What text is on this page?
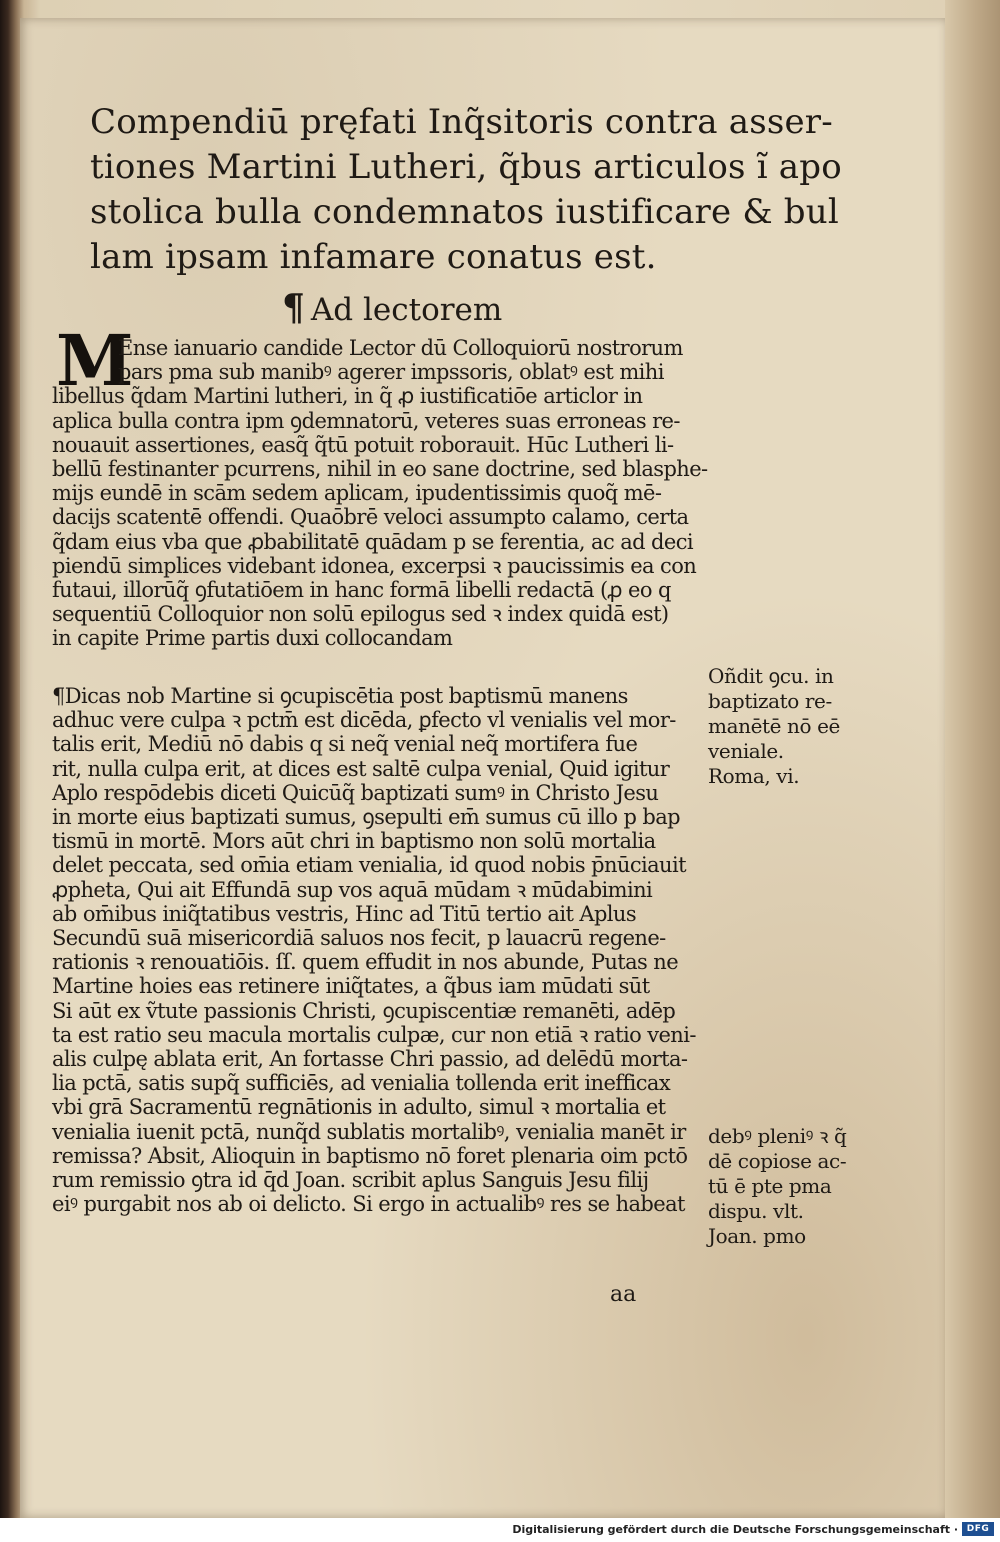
Compendiū pręfati Inq̃sitoris contra asser-
tiones Martini Lutheri, q̃bus articulos ĩ apo
stolica bulla condemnatos iustificare & bul
lam ipsam infamare conatus est.
¶ Ad lectorem
M
Ense ianuario candide Lector dū Colloquiorū nostrorum
pars pma sub manibꝰ agerer impssoris, oblatꝰ est mihi
libellus q̃dam Martini lutheri, in q̃ ꝓ iustificatiōe articlor in
aplica bulla contra ipm ꝯdemnatorū, veteres suas erroneas re-
nouauit assertiones, easq̃ q̃tū potuit roborauit. Hūc Lutheri li-
bellū festinanter pcurrens, nihil in eo sane doctrine, sed blasphe-
mijs eundē in scām sedem aplicam, ipudentissimis quoq̃ mē-
dacijs scatentē offendi. Quaōbrē veloci assumpto calamo, certa
q̃dam eius vba que ꝓbabilitatē quādam p se ferentia, ac ad deci
piendū simplices videbant idonea, excerpsi ꝛ paucissimis ea con
futaui, illorūq̃ ꝯfutatiōem in hanc formā libelli redactā (ꝓ eo q
sequentiū Colloquior non solū epilogus sed ꝛ index quidā est)
in capite Prime partis duxi collocandam
¶Dicas nob Martine si ꝯcupiscētia post baptismū manens
adhuc vere culpa ꝛ pctm̄ est dicēda, ꝑfecto vl venialis vel mor-
talis erit, Mediū nō dabis q si neq̃ venial neq̃ mortifera fue
rit, nulla culpa erit, at dices est saltē culpa venial, Quid igitur
Aplo respōdebis diceti Quicūq̃ baptizati sumꝰ in Christo Jesu
in morte eius baptizati sumus, ꝯsepulti em̄ sumus cū illo p bap
tismū in mortē. Mors aūt chri in baptismo non solū mortalia
delet peccata, sed om̄ia etiam venialia, id quod nobis p̄nūciauit
ꝓpheta, Qui ait Effundā sup vos aquā mūdam ꝛ mūdabimini
ab om̄ibus iniq̃tatibus vestris, Hinc ad Titū tertio ait Aplus
Secundū suā misericordiā saluos nos fecit, p lauacrū regene-
rationis ꝛ renouatiōis. ſſ. quem effudit in nos abunde, Putas ne
Martine hoies eas retinere iniq̃tates, a q̃bus iam mūdati sūt
Si aūt ex ṽtute passionis Christi, ꝯcupiscentiæ remanēti, adēp
ta est ratio seu macula mortalis culpæ, cur non etiā ꝛ ratio veni-
alis culpę ablata erit, An fortasse Chri passio, ad delēdū morta-
lia pctā, satis supq̃ sufficiēs, ad venialia tollenda erit inefficax
vbi grā Sacramentū regnātionis in adulto, simul ꝛ mortalia et
venialia iuenit pctā, nunq̃d sublatis mortalibꝰ, venialia manēt ir
remissa? Absit, Alioquin in baptismo nō foret plenaria oim pctō
rum remissio ꝯtra id q̄d Joan. scribit aplus Sanguis Jesu filij
eiꝰ purgabit nos ab oi delicto. Si ergo in actualibꝰ res se habeat
Oñdit ꝯcu. in
baptizato re-
manētē nō eē
veniale.
Roma, vi.
debꝰ pleniꝰ ꝛ q̃
dē copiose ac-
tū ē pte pma
dispu. vlt.
Joan. pmo
aa
Digitalisierung gefördert durch die Deutsche Forschungsgemeinschaft · DFG
